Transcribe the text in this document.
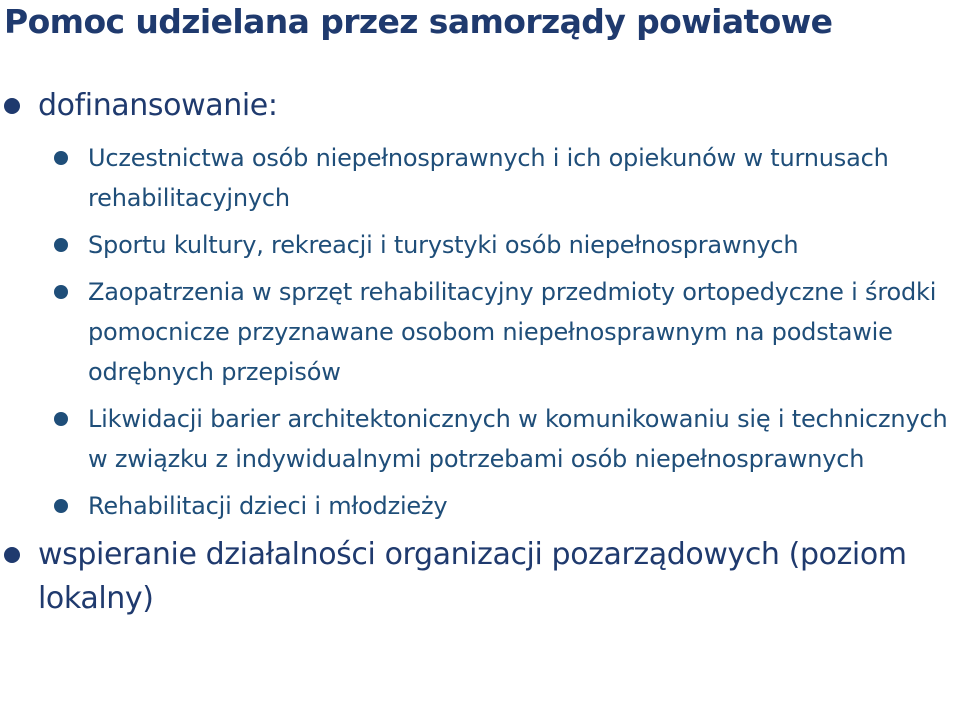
Pomoc udzielana przez samorządy powiatowe
dofinansowanie:
Uczestnictwa osób niepełnosprawnych i ich opiekunów w turnusach rehabilitacyjnych
Sportu kultury, rekreacji i turystyki osób niepełnosprawnych
Zaopatrzenia w sprzęt rehabilitacyjny przedmioty ortopedyczne i środki pomocnicze przyznawane osobom niepełnosprawnym na podstawie odrębnych przepisów
Likwidacji barier architektonicznych w komunikowaniu się i technicznych w związku z indywidualnymi potrzebami osób niepełnosprawnych
Rehabilitacji dzieci i młodzieży
wspieranie działalności organizacji pozarządowych (poziom lokalny)
